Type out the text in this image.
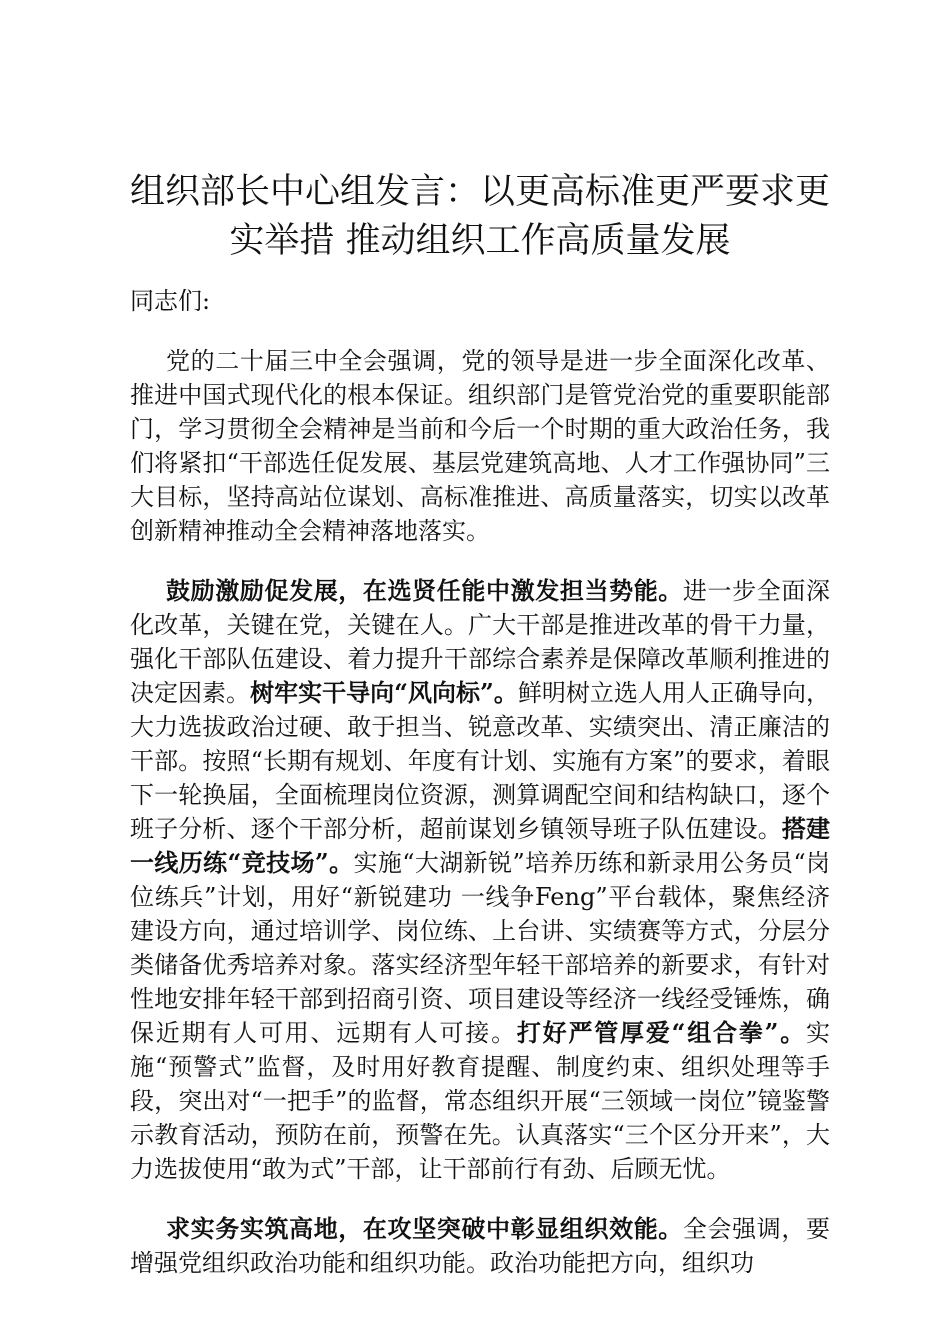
组织部长中心组发言：以更高标准更严要求更
实举措 推动组织工作高质量发展

同志们:

党的二十届三中全会强调，党的领导是进一步全面深化改革、推进中国式现代化的根本保证。组织部门是管党治党的重要职能部门，学习贯彻全会精神是当前和今后一个时期的重大政治任务，我们将紧扣“干部选任促发展、基层党建筑高地、人才工作强协同”三大目标，坚持高站位谋划、高标准推进、高质量落实，切实以改革创新精神推动全会精神落地落实。

鼓励激励促发展，在选贤任能中激发担当势能。进一步全面深化改革，关键在党，关键在人。广大干部是推进改革的骨干力量，强化干部队伍建设、着力提升干部综合素养是保障改革顺利推进的决定因素。树牢实干导向“风向标”。鲜明树立选人用人正确导向，大力选拔政治过硬、敢于担当、锐意改革、实绩突出、清正廉洁的干部。按照“长期有规划、年度有计划、实施有方案”的要求，着眼下一轮换届，全面梳理岗位资源，测算调配空间和结构缺口，逐个班子分析、逐个干部分析，超前谋划乡镇领导班子队伍建设。搭建一线历练“竞技场”。实施“大湖新锐”培养历练和新录用公务员“岗位练兵”计划，用好“新锐建功 一线争Feng”平台载体，聚焦经济建设方向，通过培训学、岗位练、上台讲、实绩赛等方式，分层分类储备优秀培养对象。落实经济型年轻干部培养的新要求，有针对性地安排年轻干部到招商引资、项目建设等经济一线经受锤炼，确保近期有人可用、远期有人可接。打好严管厚爱“组合拳”。实施“预警式”监督，及时用好教育提醒、制度约束、组织处理等手段，突出对“一把手”的监督，常态组织开展“三领域一岗位”镜鉴警示教育活动，预防在前，预警在先。认真落实“三个区分开来”，大力选拔使用“敢为式”干部，让干部前行有劲、后顾无忧。

求实务实筑高地，在攻坚突破中彰显组织效能。全会强调，要增强党组织政治功能和组织功能。政治功能把方向，组织功
